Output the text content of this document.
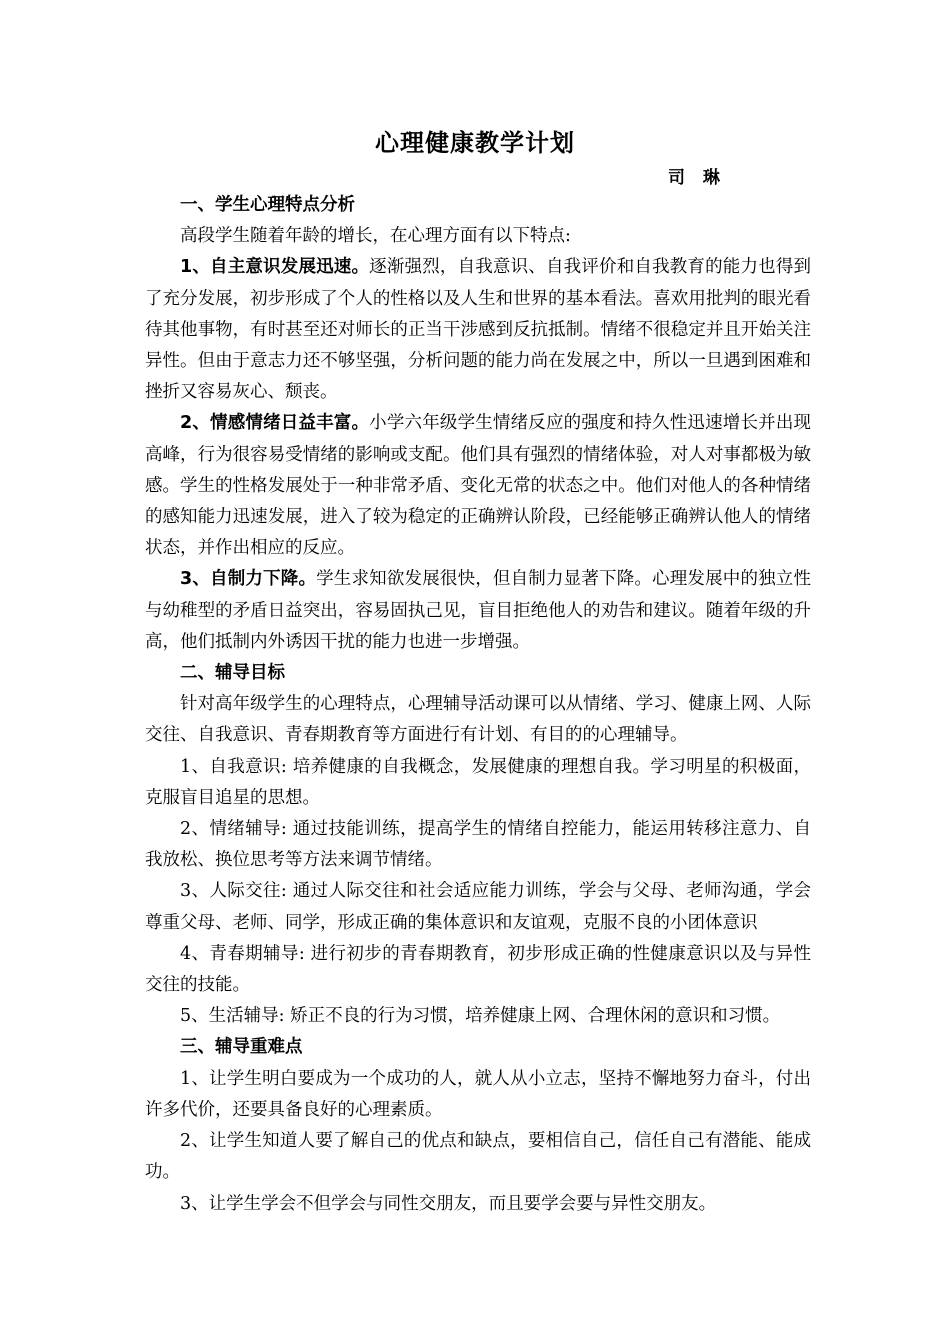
心理健康教学计划
司 琳

一、学生心理特点分析

高段学生随着年龄的增长，在心理方面有以下特点:

1、自主意识发展迅速。逐渐强烈，自我意识、自我评价和自我教育的能力也得到了充分发展，初步形成了个人的性格以及人生和世界的基本看法。喜欢用批判的眼光看待其他事物，有时甚至还对师长的正当干涉感到反抗抵制。情绪不很稳定并且开始关注异性。但由于意志力还不够坚强，分析问题的能力尚在发展之中，所以一旦遇到困难和挫折又容易灰心、颓丧。

2、情感情绪日益丰富。小学六年级学生情绪反应的强度和持久性迅速增长并出现高峰，行为很容易受情绪的影响或支配。他们具有强烈的情绪体验，对人对事都极为敏感。学生的性格发展处于一种非常矛盾、变化无常的状态之中。他们对他人的各种情绪的感知能力迅速发展，进入了较为稳定的正确辨认阶段，已经能够正确辨认他人的情绪状态，并作出相应的反应。

3、自制力下降。学生求知欲发展很快，但自制力显著下降。心理发展中的独立性与幼稚型的矛盾日益突出，容易固执己见，盲目拒绝他人的劝告和建议。随着年级的升高，他们抵制内外诱因干扰的能力也进一步增强。

二、辅导目标

针对高年级学生的心理特点，心理辅导活动课可以从情绪、学习、健康上网、人际交往、自我意识、青春期教育等方面进行有计划、有目的的心理辅导。

1、自我意识: 培养健康的自我概念，发展健康的理想自我。学习明星的积极面，克服盲目追星的思想。

2、情绪辅导: 通过技能训练，提高学生的情绪自控能力，能运用转移注意力、自我放松、换位思考等方法来调节情绪。

3、人际交往: 通过人际交往和社会适应能力训练，学会与父母、老师沟通，学会尊重父母、老师、同学，形成正确的集体意识和友谊观，克服不良的小团体意识

4、青春期辅导: 进行初步的青春期教育，初步形成正确的性健康意识以及与异性交往的技能。

5、生活辅导: 矫正不良的行为习惯，培养健康上网、合理休闲的意识和习惯。

三、辅导重难点

1、让学生明白要成为一个成功的人，就人从小立志，坚持不懈地努力奋斗，付出许多代价，还要具备良好的心理素质。

2、让学生知道人要了解自己的优点和缺点，要相信自己，信任自己有潜能、能成功。

3、让学生学会不但学会与同性交朋友，而且要学会要与异性交朋友。
